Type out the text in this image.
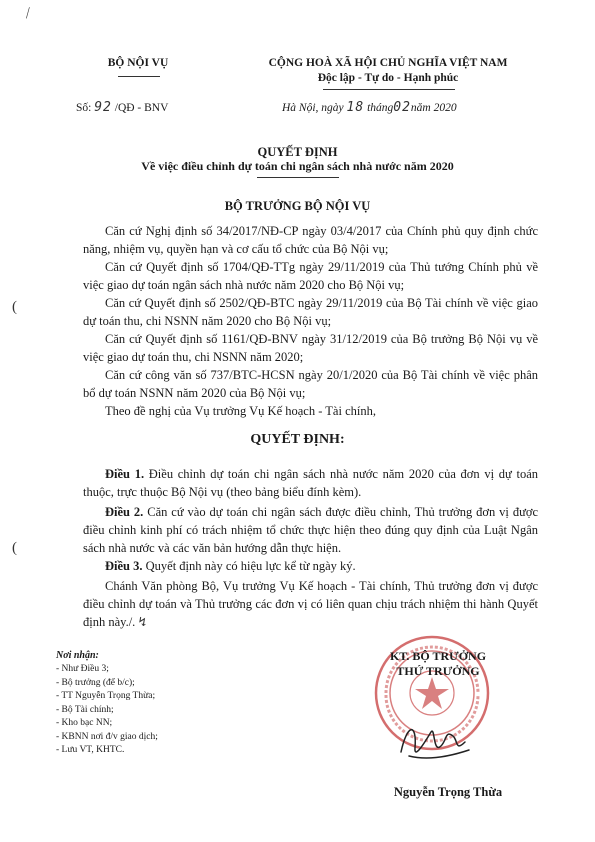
⟋
BỘ NỘI VỤ
Số: 92 /QĐ - BNV
CỘNG HOÀ XÃ HỘI CHỦ NGHĨA VIỆT NAM
Độc lập - Tự do - Hạnh phúc
Hà Nội, ngày 18 tháng02năm 2020
QUYẾT ĐỊNH
Về việc điều chỉnh dự toán chi ngân sách nhà nước năm 2020
BỘ TRƯỞNG BỘ NỘI VỤ
Căn cứ Nghị định số 34/2017/NĐ-CP ngày 03/4/2017 của Chính phủ quy định chức năng, nhiệm vụ, quyền hạn và cơ cấu tổ chức của Bộ Nội vụ;
Căn cứ Quyết định số 1704/QĐ-TTg ngày 29/11/2019 của Thủ tướng Chính phủ về việc giao dự toán ngân sách nhà nước năm 2020 cho Bộ Nội vụ;
Căn cứ Quyết định số 2502/QĐ-BTC ngày 29/11/2019 của Bộ Tài chính về việc giao dự toán thu, chi NSNN năm 2020 cho Bộ Nội vụ;
Căn cứ Quyết định số 1161/QĐ-BNV ngày 31/12/2019 của Bộ trưởng Bộ Nội vụ về việc giao dự toán thu, chi NSNN năm 2020;
Căn cứ công văn số 737/BTC-HCSN ngày 20/1/2020 của Bộ Tài chính về việc phân bổ dự toán NSNN năm 2020 của Bộ Nội vụ;
Theo đề nghị của Vụ trưởng Vụ Kế hoạch - Tài chính,
(
(
QUYẾT ĐỊNH:
Điều 1. Điều chỉnh dự toán chi ngân sách nhà nước năm 2020 của đơn vị dự toán thuộc, trực thuộc Bộ Nội vụ (theo bảng biểu đính kèm).
Điều 2. Căn cứ vào dự toán chi ngân sách được điều chỉnh, Thủ trưởng đơn vị được điều chỉnh kinh phí có trách nhiệm tổ chức thực hiện theo đúng quy định của Luật Ngân sách nhà nước và các văn bản hướng dẫn thực hiện.
Điều 3. Quyết định này có hiệu lực kể từ ngày ký.
Chánh Văn phòng Bộ, Vụ trưởng Vụ Kế hoạch - Tài chính, Thủ trưởng đơn vị được điều chỉnh dự toán và Thủ trưởng các đơn vị có liên quan chịu trách nhiệm thi hành Quyết định này./. ↯
Nơi nhận:
- Như Điều 3;
- Bộ trưởng (để b/c);
- TT Nguyễn Trọng Thừa;
- Bộ Tài chính;
- Kho bạc NN;
- KBNN nơi đ/v giao dịch;
- Lưu VT, KHTC.
KT. BỘ TRƯỞNG
THỨ TRƯỞNG
Nguyễn Trọng Thừa
